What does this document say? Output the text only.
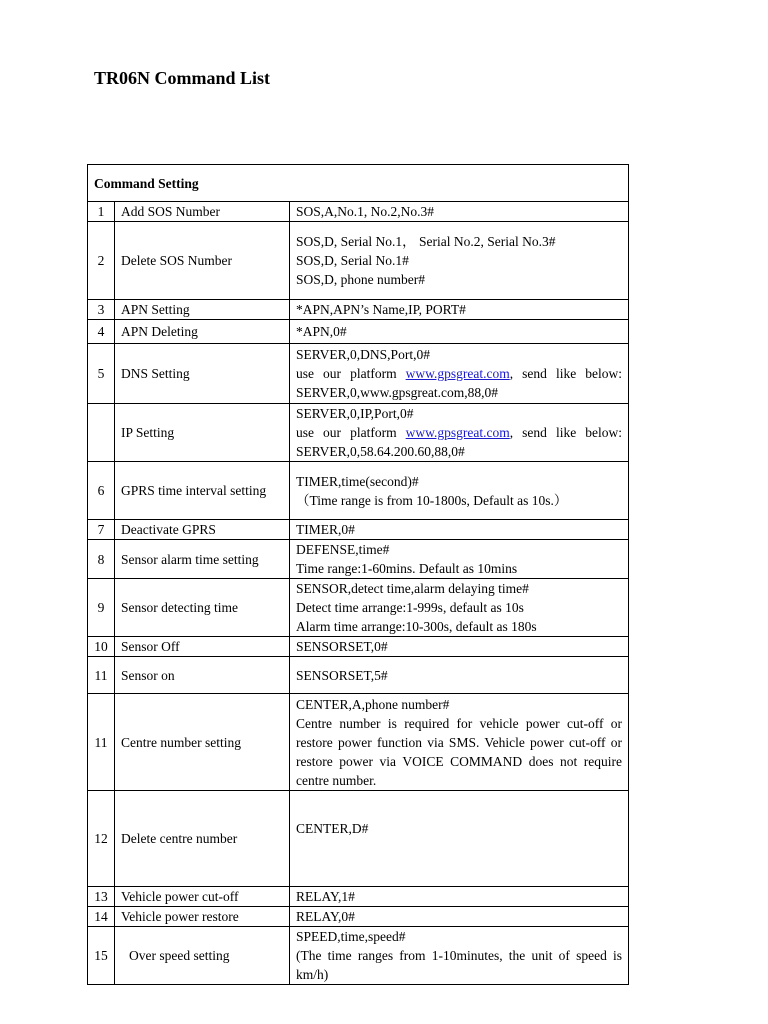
TR06N Command List
Command Setting		
1	Add SOS Number	SOS,A,No.1, No.2,No.3#
2	Delete SOS Number	SOS,D, Serial No.1， Serial No.2, Serial No.3#
SOS,D, Serial No.1#
SOS,D, phone number#

3	APN Setting	*APN,APN’s Name,IP, PORT#
4	APN Deleting	*APN,0#
5	DNS Setting	SERVER,0,DNS,Port,0#
use our platform www.gpsgreat.com, send like below: SERVER,0,www.gpsgreat.com,88,0#

	IP Setting	SERVER,0,IP,Port,0#
use our platform www.gpsgreat.com, send like below: SERVER,0,58.64.200.60,88,0#

6	GPRS time interval setting	TIMER,time(second)#
（Time range is from 10-1800s, Default as 10s.）

7	Deactivate GPRS	TIMER,0#
8	Sensor alarm time setting	DEFENSE,time#
Time range:1-60mins. Default as 10mins

9	Sensor detecting time	SENSOR,detect time,alarm delaying time#
Detect time arrange:1-999s, default as 10s
Alarm time arrange:10-300s, default as 180s

10	Sensor Off	SENSORSET,0#
11	Sensor on	SENSORSET,5#
11	Centre number setting	CENTER,A,phone number#
Centre number is required for vehicle power cut-off or restore power function via SMS. Vehicle power cut-off or restore power via VOICE COMMAND does not require centre number.

12	Delete centre number	CENTER,D#
13	Vehicle power cut-off	RELAY,1#
14	Vehicle power restore	RELAY,0#
15	Over speed setting	SPEED,time,speed#
(The time ranges from 1-10minutes, the unit of speed is km/h)
